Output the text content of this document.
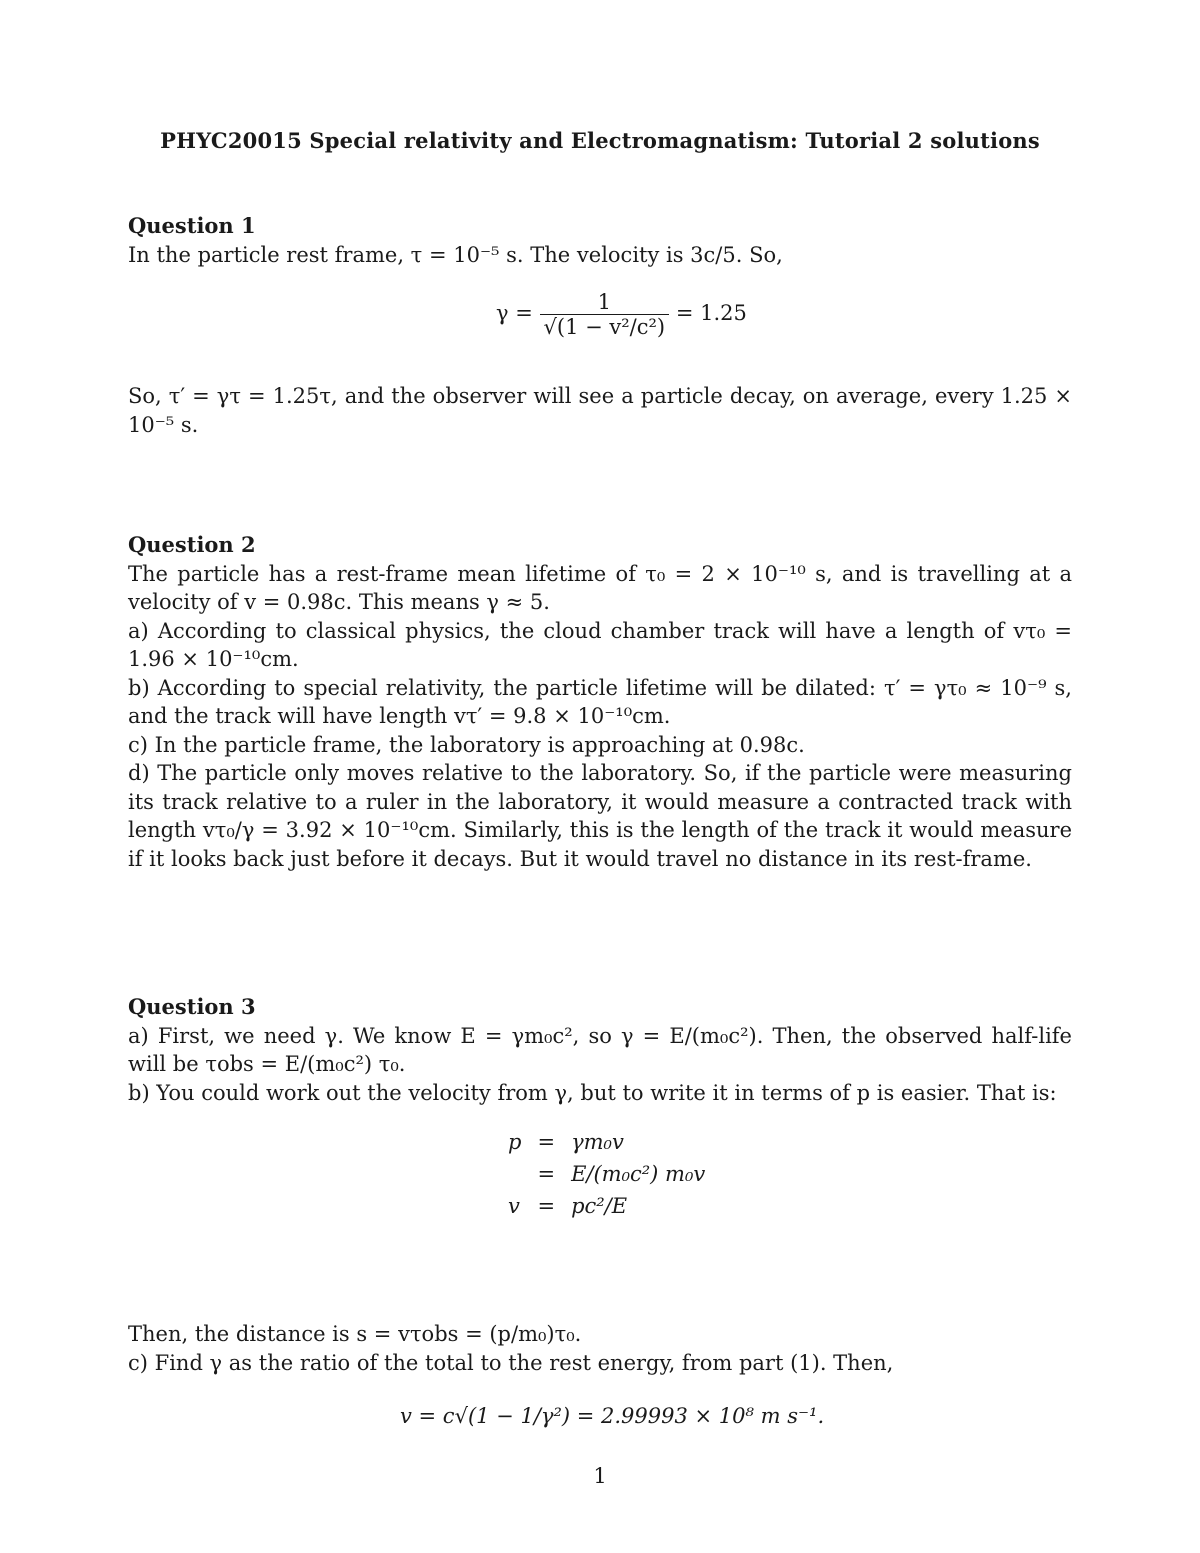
PHYC20015 Special relativity and Electromagnatism: Tutorial 2 solutions
Question 1
In the particle rest frame, τ = 10⁻⁵ s. The velocity is 3c/5. So,
$\gamma = \frac{1}{\text{√(1 − v²/c²)}} = 1.25$
So, τ′ = γτ = 1.25τ, and the observer will see a particle decay, on average, every 1.25 × 10⁻⁵ s.
Question 2
The particle has a rest-frame mean lifetime of τ₀ = 2 × 10⁻¹⁰ s, and is travelling at a velocity of v = 0.98c. This means γ ≈ 5.
a) According to classical physics, the cloud chamber track will have a length of vτ₀ = 1.96 × 10⁻¹⁰cm.
b) According to special relativity, the particle lifetime will be dilated: τ′ = γτ₀ ≈ 10⁻⁹ s, and the track will have length vτ′ = 9.8 × 10⁻¹⁰cm.
c) In the particle frame, the laboratory is approaching at 0.98c.
d) The particle only moves relative to the laboratory. So, if the particle were measuring its track relative to a ruler in the laboratory, it would measure a contracted track with length vτ₀/γ = 3.92 × 10⁻¹⁰cm. Similarly, this is the length of the track it would measure if it looks back just before it decays. But it would travel no distance in its rest-frame.
Question 3
a) First, we need γ. We know E = γm₀c², so γ = E/(m₀c²). Then, the observed half-life will be τobs = E/(m₀c²) τ₀.
b) You could work out the velocity from γ, but to write it in terms of p is easier. That is:
p	=	γm₀v
	=	E/(m₀c²) m₀v
v	=	pc²/E
Then, the distance is s = vτobs = (p/m₀)τ₀.
c) Find γ as the ratio of the total to the rest energy, from part (1). Then,
v = c√(1 − 1/γ²) = 2.99993 × 10⁸ m s⁻¹.
1
